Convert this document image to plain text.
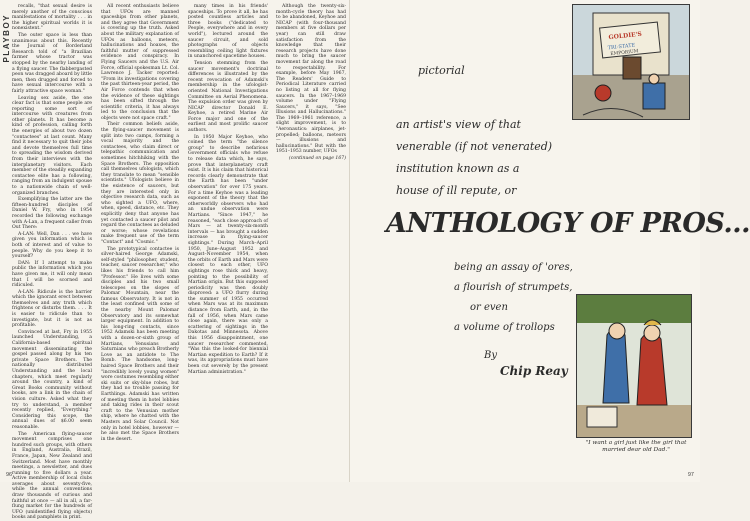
PLAYBOY

recalls, "that sexual desire is merely another of the conscious manifestations of mortality . . . in the higher spiritual worlds it is nonexistent."

The outer space is less than unanimous about this. Recently the Journal of Borderland Research told of "a Brazilian farmer whose tractor was stopped by the nearby landing of a flying saucer. The flabbergasted peon was dragged aboard by little men, then drugged and forced to have sexual intercourse with a fairly attractive space woman."

Leaving sex aside, the one clear fact is that some people are reporting some sort of intercourse with creatures from other planets. It has become a kind of profession, calling forth the energies of about two dozen "contactees" at last count. Many find it necessary to quit their jobs and devote themselves full time to spreading the wisdom derived from their interviews with the interplanetary visitors. Each member of the steadily expanding contactee elite has a following, ranging from an indulgent spouse to a nationwide chain of well-organized branches.

Exemplifying the latter are the fifteen-hundred disciples of Daniel W. Fry, who in 1954 recorded the following exchange with A-Lan, a frequent caller from Out There:

A-LAN: Well, Dan . . . we have given you information which is both of interest and of value to people. Why do you keep it to yourself?

DAN: If I attempt to make public the information which you have given me, it will only mean that I will be scorned and ridiculed.

A-LAN: Ridicule is the barrier which the ignorant erect between themselves and any truth which frightens or disturbs them. . . . It is easier to ridicule than to investigate, but it is not as profitable.

Convinced at last, Fry in 1955 launched Understanding, a California-based spiritual movement disseminating the gospel passed along by his ten private Space Brothers. The nationally distributed Understanding and the local chapters, which meet regularly around the country, a kind of Great Books community without books, are a link in the chain of vision culture. Asked what they try to understand, a member recently replied, "Everything." Considering this scope, the annual dues of $6.00 seem reasonable.

The American flying-saucer movement comprises one hundred such groups, with others in England, Australia, Brazil, France, Japan, New Zealand and Switzerland. Most have monthly meetings, a newsletter, and dues running to five dollars a year. Active membership of local clubs averages about seventy-five, while the annual conventions draw thousands of curious and faithful at once — all in all, a far-flung market for the hundreds of UFO (unidentified flying objects) books and pamphlets in print.

All recent enthusiasts believe that UFOs are manned spaceships from other planets, and they agree that Government is covering up the truth. Asked about the military explanation of UFOs as balloons, meteors, hallucinations and hoaxes, the faithful mutter of suppressed evidence and conspiracy. In Flying Saucers and the U.S. Air Force, official spokesman Lt. Col. Lawrence J. Tacker reported: "From its investigations covering the past thirteen-year period, the Air Force contends that when the evidence of these sightings has been sifted through the scientific criteria, it has always led to the conclusion that the objects were not space craft."

Their common beliefs aside, the flying-saucer movement is split into two camps, forming a vocal majority and the contactees, who claim direct or telepathic communication and sometimes hitchhiking with the Space Brothers. The opposition call themselves ufologists, which they translate to mean "sensible scientists." Ufologists believe in the existence of saucers, but they are interested only in objective research data, such as who sighted a UFO, where, when, speed, distance, etc. They explicitly deny that anyone has yet contacted a saucer pilot and regard the contactees as deluded or worse; whose revelations make frequent use of the term "Contact" and "Cosmic."

The prototypical contactee is silver-haired George Adamski, self-styled "philosopher, student, teacher, saucer researcher," who likes his friends to call him "Professor." He lives with some disciples and his two small telescopes on the slopes of Palomar Mountain, near the famous Observatory. It is not in the least confined with some of the nearby Mount Palomar Observatory and its somewhat larger equipment. In addition to his long-ring contacts, since 1952 Adamski has been meeting with a dozen-or-sixth group of Martians, Venusians and Saturnians who preach Brotherly Love as an antidote to The Bomb. The handsome, long-haired Space Brothers and their "incredibly lovely young women" wore costumes resembling either ski suits or sky-blue robes, but they had no trouble passing for Earthlings. Adamski has written of meeting them in hotel lobbies and taking rides in their scout craft to the Venusian mother ship, where he chatted with the Masters and Solar Council. Not only in hotel lobbies, however — he also met the Space Brothers in the desert.

many times in his friends' spaceships. To prove it all, he has posted countless articles and three books ("dedicated to People, everywhere and in every world"), lectured around the saucer circuit, and sold photographs of objects resembling ceiling light fixtures in unanchored spacetime houses.

Tension stemming from the saucer movement's doctrinal differences is illustrated by the recent revocation of Adamski's membership in the ufologist-oriented National Investigations Committee on Aerial Phenomena. The expulsion order was given by NICAP director Donald E. Keyhoe, a retired Marine Air Force major and one of the earliest and most prolific saucer authors.

In 1950 Major Keyhoe, who coined the term "the silence group" to describe nefarious Government officials who refuse to release data which, he says, prove that interplanetary craft exist. It is his claim that historical records clearly demonstrate that the Earth has been "under observation" for over 175 years. For a time Keyhoe was a leading exponent of the theory that the otherworldly observers who had an undue observation were Martians. "Since 1947," he reasoned, "each close approach of Mars — at twenty-six-month intervals — has brought a sudden increase in flying-saucer sightings." During March–April 1950, June–August 1952 and August–November 1954, when the orbits of Earth and Mars were closest to each other, UFO sightings rose thick and heavy, pointing to the possibility of Martian origin. But this supposed periodicity was then doubly disproved: a UFO flurry during the summer of 1955 occurred when Mars was at its maximum distance from Earth, and, in the fall of 1956, when Mars came close again, there was only a scattering of sightings in the Dakotas and Minnesota. Above this 1956 disappointment, one saucer researcher commented, "Was this the looked-for biennial Martian expedition to Earth? If it was, its appropriations must have been cut severely by the present Martian administration."

Although the twenty-six-month-cycle theory has had to be abandoned, Keyhoe and NICAP (with four-thousand members at five dollars per year) can still draw satisfaction from the knowledge that their research projects have done much to bring the saucer movement far along the road to respectability. For example, before May 1967, The Readers' Guide to Periodical Literature carried no listing at all for flying saucers. In the 1967–1969 volume under "Flying Saucers," it says, "See Illusions and Hallucinations." The 1969–1961 reference, a slight improvement, is to "Aeronautics: airplanes, jet-propelled; balloons, meteors — illusions and hallucinations." But with the 1951–1953 number, UFOs

(continued on page 167)

96
GOLDIE'S
TRI-STATE
EMPORIUM
pictorial
an artist's view of that
venerable (if not venerated)
institution known as a
house of ill repute, or
ANTHOLOGY OF PROS...
being an assay of 'ores,
a flourish of strumpets,
or even
a volume of trollops
By
Chip Reay
"I want a girl just like the girl that married dear old Dad."
97
